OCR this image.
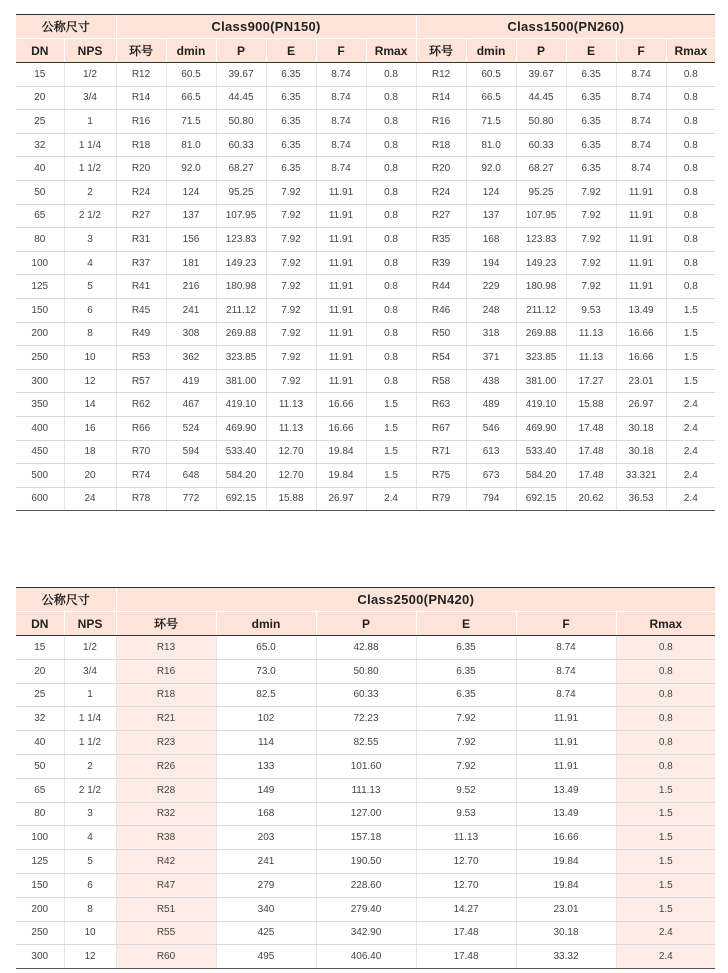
公称尺寸		Class900(PN150)						Class1500(PN260)					
DN	NPS	环号	dmin	P	E	F	Rmax	环号	dmin	P	E	F	Rmax
15	1/2	R12	60.5	39.67	6.35	8.74	0.8	R12	60.5	39.67	6.35	8.74	0.8
20	3/4	R14	66.5	44.45	6.35	8.74	0.8	R14	66.5	44.45	6.35	8.74	0.8
25	1	R16	71.5	50.80	6.35	8.74	0.8	R16	71.5	50.80	6.35	8.74	0.8
32	1 1/4	R18	81.0	60.33	6.35	8.74	0.8	R18	81.0	60.33	6.35	8.74	0.8
40	1 1/2	R20	92.0	68.27	6.35	8.74	0.8	R20	92.0	68.27	6.35	8.74	0.8
50	2	R24	124	95.25	7.92	11.91	0.8	R24	124	95.25	7.92	11.91	0.8
65	2 1/2	R27	137	107.95	7.92	11.91	0.8	R27	137	107.95	7.92	11.91	0.8
80	3	R31	156	123.83	7.92	11.91	0.8	R35	168	123.83	7.92	11.91	0.8
100	4	R37	181	149.23	7.92	11.91	0.8	R39	194	149.23	7.92	11.91	0.8
125	5	R41	216	180.98	7.92	11.91	0.8	R44	229	180.98	7.92	11.91	0.8
150	6	R45	241	211.12	7.92	11.91	0.8	R46	248	211.12	9.53	13.49	1.5
200	8	R49	308	269.88	7.92	11.91	0.8	R50	318	269.88	11.13	16.66	1.5
250	10	R53	362	323.85	7.92	11.91	0.8	R54	371	323.85	11.13	16.66	1.5
300	12	R57	419	381.00	7.92	11.91	0.8	R58	438	381.00	17.27	23.01	1.5
350	14	R62	467	419.10	11.13	16.66	1.5	R63	489	419.10	15.88	26.97	2.4
400	16	R66	524	469.90	11.13	16.66	1.5	R67	546	469.90	17.48	30.18	2.4
450	18	R70	594	533.40	12.70	19.84	1.5	R71	613	533.40	17.48	30.18	2.4
500	20	R74	648	584.20	12.70	19.84	1.5	R75	673	584.20	17.48	33.321	2.4
600	24	R78	772	692.15	15.88	26.97	2.4	R79	794	692.15	20.62	36.53	2.4
公称尺寸		Class2500(PN420)					
DN	NPS	环号	dmin	P	E	F	Rmax
15	1/2	R13	65.0	42.88	6.35	8.74	0.8
20	3/4	R16	73.0	50.80	6.35	8.74	0.8
25	1	R18	82.5	60.33	6.35	8.74	0.8
32	1 1/4	R21	102	72.23	7.92	11.91	0.8
40	1 1/2	R23	114	82.55	7.92	11.91	0.8
50	2	R26	133	101.60	7.92	11.91	0.8
65	2 1/2	R28	149	111.13	9.52	13.49	1.5
80	3	R32	168	127.00	9.53	13.49	1.5
100	4	R38	203	157.18	11.13	16.66	1.5
125	5	R42	241	190.50	12.70	19.84	1.5
150	6	R47	279	228.60	12.70	19.84	1.5
200	8	R51	340	279.40	14.27	23.01	1.5
250	10	R55	425	342.90	17.48	30.18	2.4
300	12	R60	495	406.40	17.48	33.32	2.4
